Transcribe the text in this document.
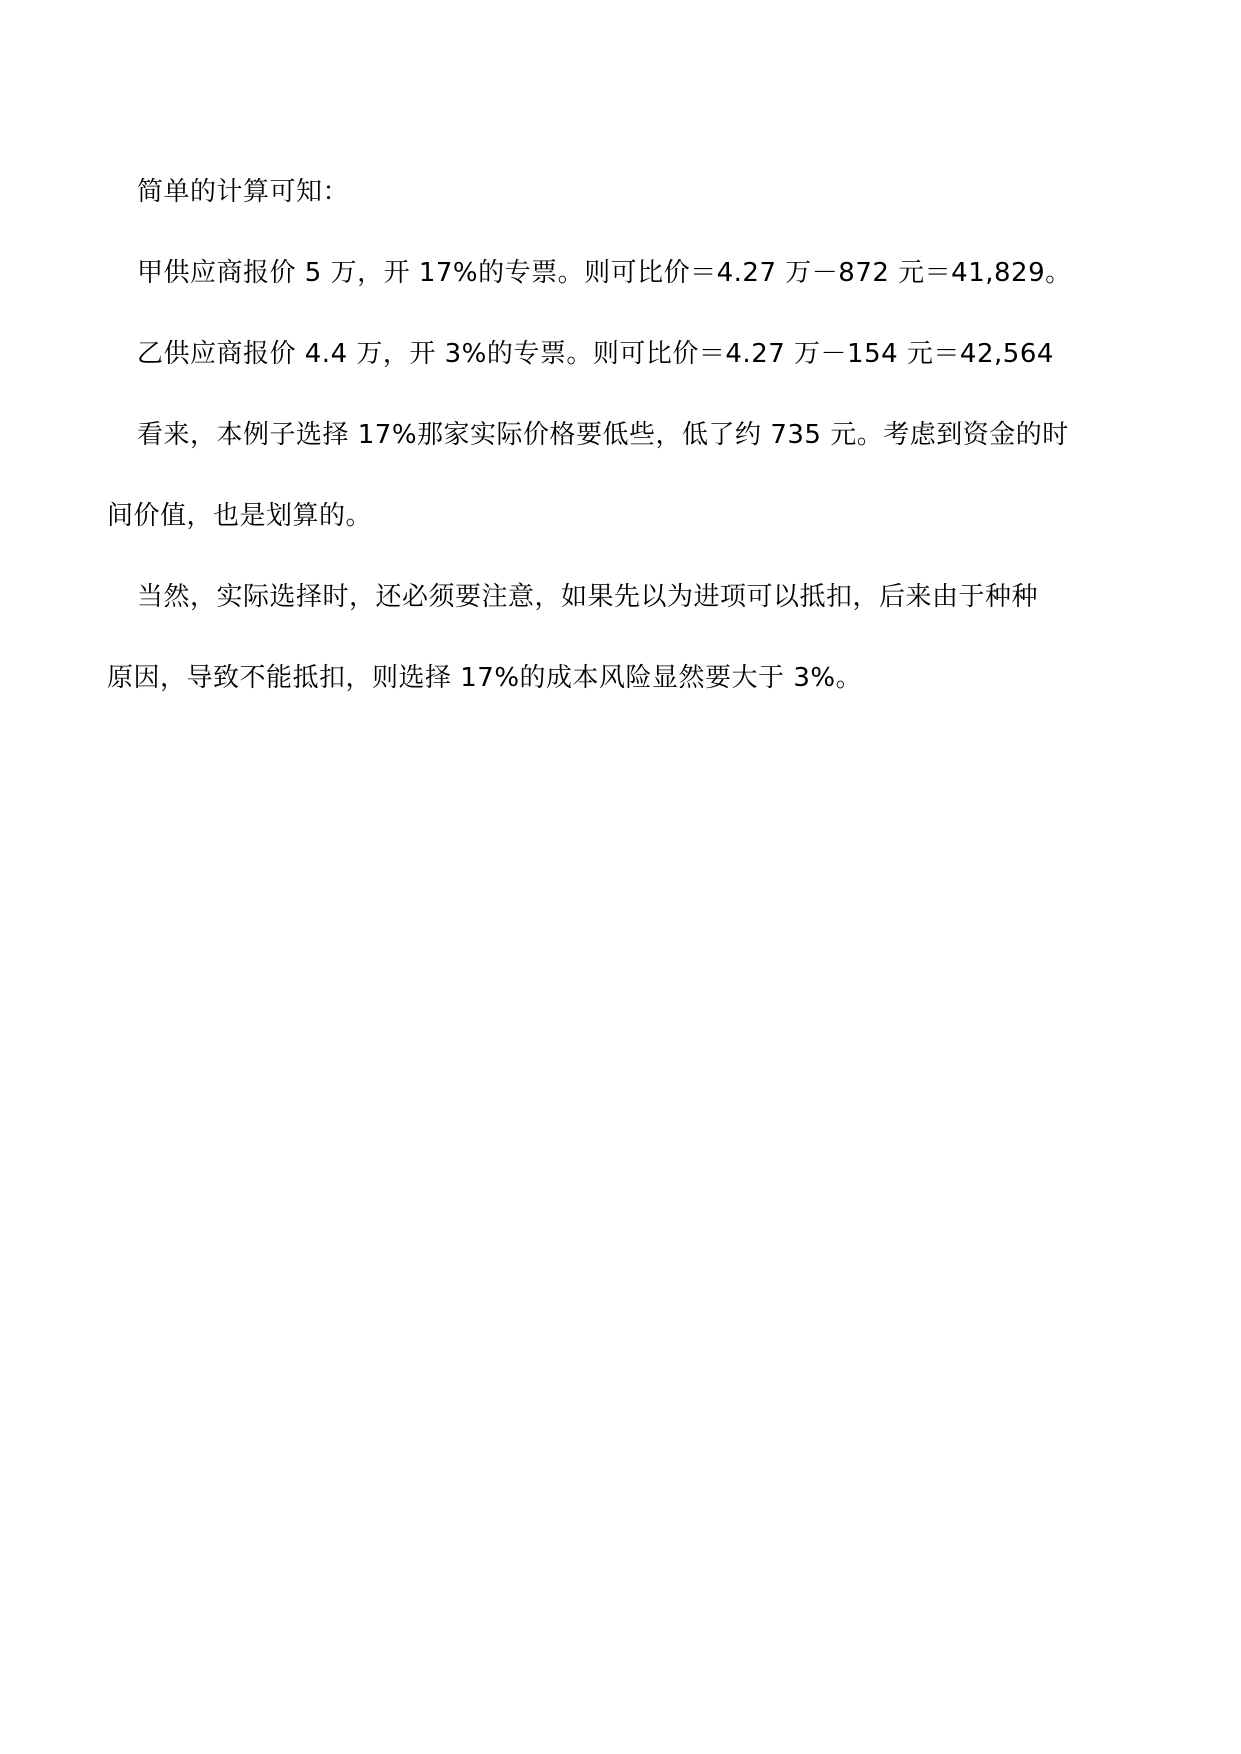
简单的计算可知：
甲供应商报价 5 万，开 17%的专票。则可比价＝4.27 万－872 元＝41,829。
乙供应商报价 4.4 万，开 3%的专票。则可比价＝4.27 万－154 元＝42,564
看来，本例子选择 17%那家实际价格要低些，低了约 735 元。考虑到资金的时
间价值，也是划算的。
当然，实际选择时，还必须要注意，如果先以为进项可以抵扣，后来由于种种
原因，导致不能抵扣，则选择 17%的成本风险显然要大于 3%。
